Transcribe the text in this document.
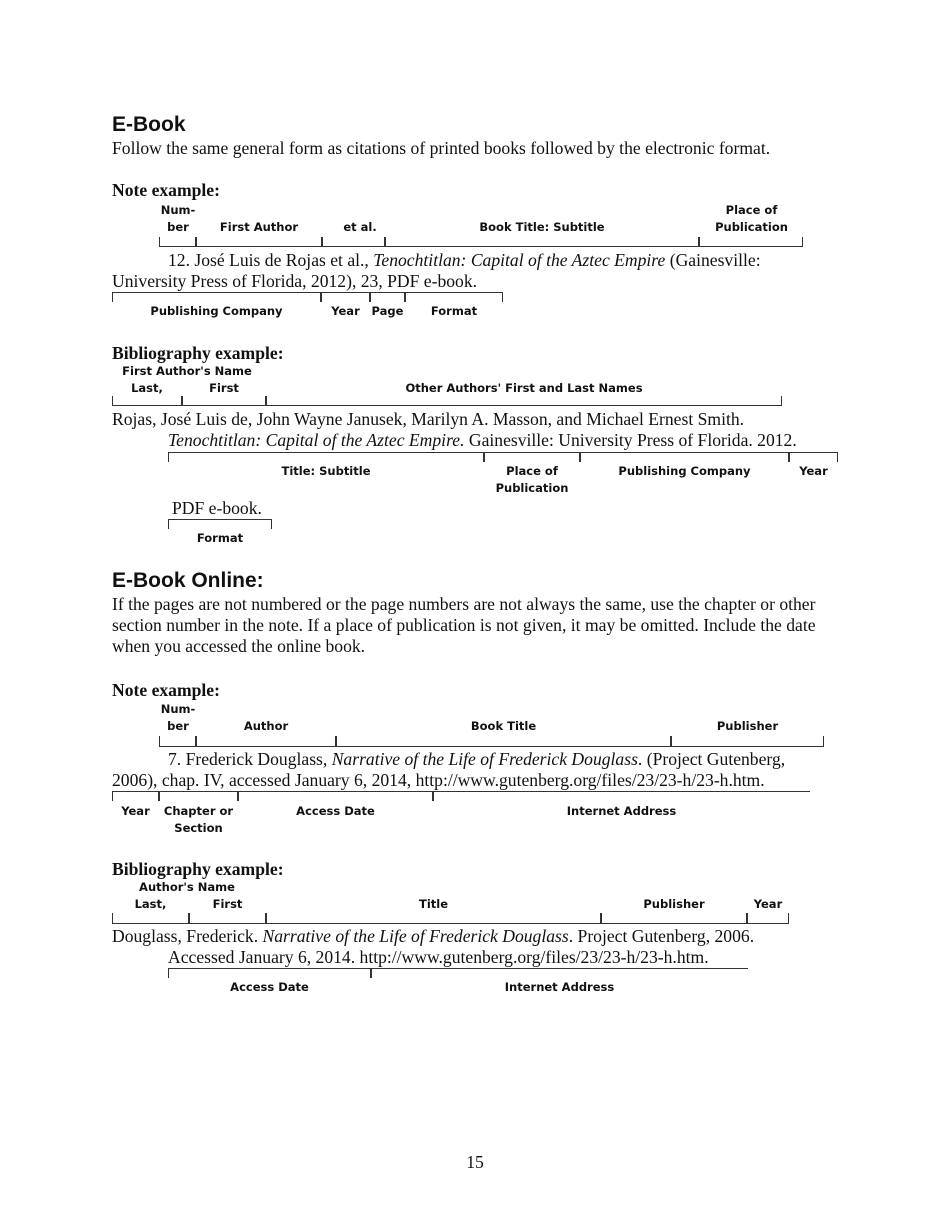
E-Book
Follow the same general form as citations of printed books followed by the electronic format.
Note example:
Num-
ber	First Author	et al.	Book Title: Subtitle
Place of
Publication
12. José Luis de Rojas et al., Tenochtitlan: Capital of the Aztec Empire (Gainesville:
University Press of Florida, 2012), 23, PDF e-book.
Publishing Company	Year	Page	Format
Bibliography example:
First Author's Name
Last,	First	Other Authors' First and Last Names
Rojas, José Luis de, John Wayne Janusek, Marilyn A. Masson, and Michael Ernest Smith.
Tenochtitlan: Capital of the Aztec Empire. Gainesville: University Press of Florida. 2012.
Title: Subtitle	Place of
Publication
Publishing Company	Year
PDF e-book.
Format
E-Book Online:
If the pages are not numbered or the page numbers are not always the same, use the chapter or other section number in the note. If a place of publication is not given, it may be omitted. Include the date when you accessed the online book.
Note example:
Num-
ber	Author	Book Title	Publisher
7. Frederick Douglass, Narrative of the Life of Frederick Douglass. (Project Gutenberg,
2006), chap. IV, accessed January 6, 2014, http://www.gutenberg.org/files/23/23-h/23-h.htm.
Year	Chapter or
Section
Access Date	Internet Address
Bibliography example:
Author's Name
Last,	First	Title	Publisher	Year
Douglass, Frederick. Narrative of the Life of Frederick Douglass. Project Gutenberg, 2006.
Accessed January 6, 2014. http://www.gutenberg.org/files/23/23-h/23-h.htm.
Access Date	Internet Address
15
